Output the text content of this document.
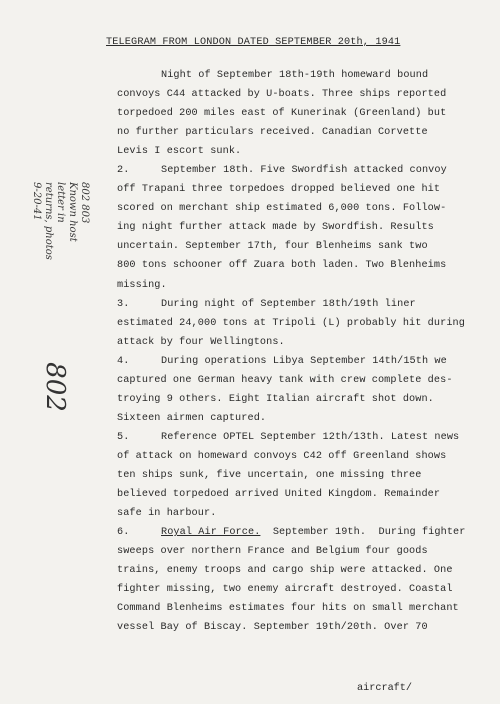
TELEGRAM FROM LONDON DATED SEPTEMBER 20th, 1941
802 803
Known host
letter in
returns, photos
9-20-41
802
Night of September 18th-19th homeward bound
convoys C44 attacked by U-boats. Three ships reported
torpedoed 200 miles east of Kunerinak (Greenland) but
no further particulars received. Canadian Corvette
Levis I escort sunk.
2.	September 18th. Five Swordfish attacked convoy
off Trapani three torpedoes dropped believed one hit
scored on merchant ship estimated 6,000 tons. Follow-
ing night further attack made by Swordfish. Results
uncertain. September 17th, four Blenheims sank two
800 tons schooner off Zuara both laden. Two Blenheims
missing.
3.	During night of September 18th/19th liner
estimated 24,000 tons at Tripoli (L) probably hit during
attack by four Wellingtons.
4.	During operations Libya September 14th/15th we
captured one German heavy tank with crew complete des-
troying 9 others. Eight Italian aircraft shot down.
Sixteen airmen captured.
5.	Reference OPTEL September 12th/13th. Latest news
of attack on homeward convoys C42 off Greenland shows
ten ships sunk, five uncertain, one missing three
believed torpedoed arrived United Kingdom. Remainder
safe in harbour.
6.	Royal Air Force.  September 19th.  During fighter
sweeps over northern France and Belgium four goods
trains, enemy troops and cargo ship were attacked. One
fighter missing, two enemy aircraft destroyed. Coastal
Command Blenheims estimates four hits on small merchant
vessel Bay of Biscay. September 19th/20th. Over 70
aircraft/
